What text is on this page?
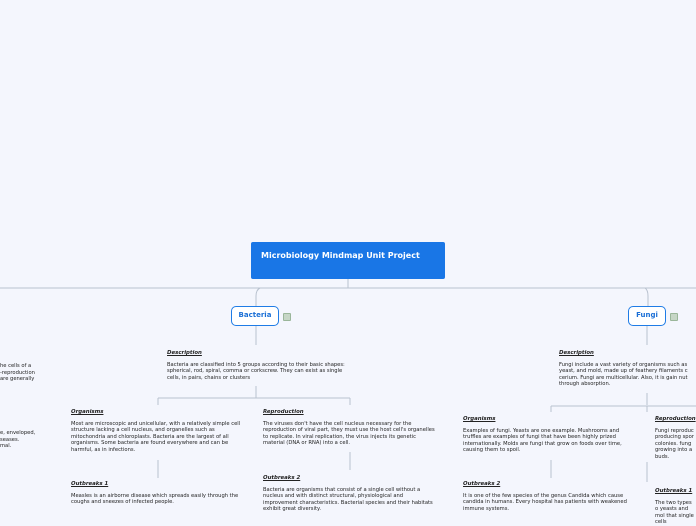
Microbiology Mindmap Unit Project
Bacteria	Fungi
he cells of a
-reproduction
are generally
e, enveloped,
seases.
mal.
Description
Bacteria are classified into 5 groups according to their basic shapes: spherical, rod, spiral, comma or corkscrew. They can exist as single cells, in pairs, chains or clusters
Organisms
Most are microscopic and unicellular, with a relatively simple cell structure lacking a cell nucleus, and organelles such as mitochondria and chloroplasts. Bacteria are the largest of all organisms. Some bacteria are found everywhere and can be harmful, as in infections.
Reproduction
The viruses don't have the cell nucleus necessary for the reproduction of viral part, they must use the host cell's organelles to replicate. In viral replication, the virus injects its genetic material (DNA or RNA) into a cell.
Outbreaks 1
Measles is an airborne disease which spreads easily through the coughs and sneezes of infected people.
Outbreaks 2
Bacteria are organisms that consist of a single cell without a nucleus and with distinct structural, physiological and improvement characteristics. Bacterial species and their habitats exhibit great diversity.
Description
Fungi include a vast variety of organisms such as yeast, and mold, made up of feathery filaments c cerium. Fungi are multicellular. Also, it is gain nut through absorption.
Organisms
Examples of fungi. Yeasts are one example. Mushrooms and truffles are examples of fungi that have been highly prized internationally. Molds are fungi that grow on foods over time, causing them to spoil.
Reproduction
Fungi reproduc producing spor colonies. fung growing into a buds.
Outbreaks 2
It is one of the few species of the genus Candida which cause candida in humans. Every hospital has patients with weakened immune systems.
Outbreaks 1
The two types o yeasts and mol that single cells
